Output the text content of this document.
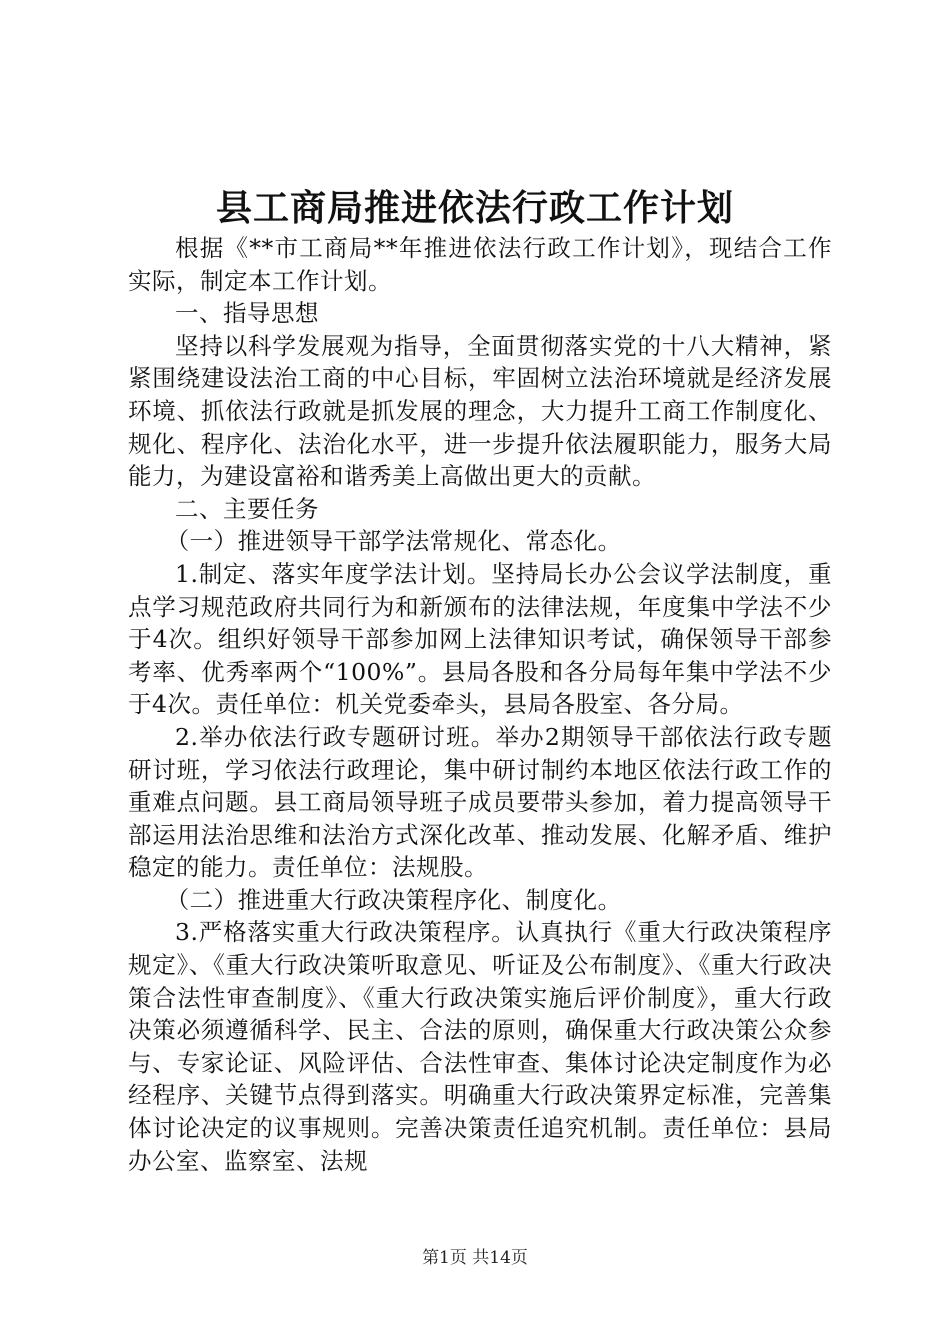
县工商局推进依法行政工作计划

根据《**市工商局**年推进依法行政工作计划》，现结合工作实际，制定本工作计划。

一、指导思想

坚持以科学发展观为指导，全面贯彻落实党的十八大精神，紧紧围绕建设法治工商的中心目标，牢固树立法治环境就是经济发展环境、抓依法行政就是抓发展的理念，大力提升工商工作制度化、规化、程序化、法治化水平，进一步提升依法履职能力，服务大局能力，为建设富裕和谐秀美上高做出更大的贡献。

二、主要任务

（一）推进领导干部学法常规化、常态化。

1.制定、落实年度学法计划。坚持局长办公会议学法制度，重点学习规范政府共同行为和新颁布的法律法规，年度集中学法不少于4次。组织好领导干部参加网上法律知识考试，确保领导干部参考率、优秀率两个“100%”。县局各股和各分局每年集中学法不少于4次。责任单位：机关党委牵头，县局各股室、各分局。

2.举办依法行政专题研讨班。举办2期领导干部依法行政专题研讨班，学习依法行政理论，集中研讨制约本地区依法行政工作的重难点问题。县工商局领导班子成员要带头参加，着力提高领导干部运用法治思维和法治方式深化改革、推动发展、化解矛盾、维护稳定的能力。责任单位：法规股。

（二）推进重大行政决策程序化、制度化。

3.严格落实重大行政决策程序。认真执行《重大行政决策程序规定》、《重大行政决策听取意见、听证及公布制度》、《重大行政决策合法性审查制度》、《重大行政决策实施后评价制度》，重大行政决策必须遵循科学、民主、合法的原则，确保重大行政决策公众参与、专家论证、风险评估、合法性审查、集体讨论决定制度作为必经程序、关键节点得到落实。明确重大行政决策界定标准，完善集体讨论决定的议事规则。完善决策责任追究机制。责任单位：县局办公室、监察室、法规

第1页 共14页
